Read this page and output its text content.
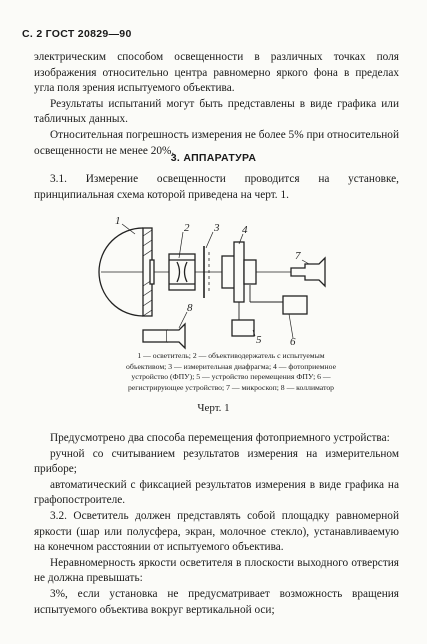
С. 2 ГОСТ 20829—90

электрическим способом освещенности в различных точках поля изображения относительно центра равномерно яркого фона в пределах угла поля зрения испытуемого объектива.

Результаты испытаний могут быть представлены в виде графика или табличных данных.

Относительная погрешность измерения не более 5% при относительной освещенности не менее 20%.

3. АППАРАТУРА

3.1. Измерение освещенности проводится на установке, принципиальная схема которой приведена на черт. 1.

1
2 3 4
5	6
7
8
1 — осветитель; 2 — объективодержатель с испытуемым объективом; 3 — измерительная диафрагма; 4 — фотоприемное устройство (ФПУ); 5 — устройство перемещения ФПУ; 6 — регистрирующее устройство; 7 — микроскоп; 8 — коллиматор
Черт. 1

Предусмотрено два способа перемещения фотоприемного устройства:

ручной со считыванием результатов измерения на измерительном приборе;

автоматический с фиксацией результатов измерения в виде графика на графопостроителе.

3.2. Осветитель должен представлять собой площадку равномерной яркости (шар или полусфера, экран, молочное стекло), устанавливаемую на конечном расстоянии от испытуемого объектива.

Неравномерность яркости осветителя в плоскости выходного отверстия не должна превышать:

3%, если установка не предусматривает возможность вращения испытуемого объектива вокруг вертикальной оси;
